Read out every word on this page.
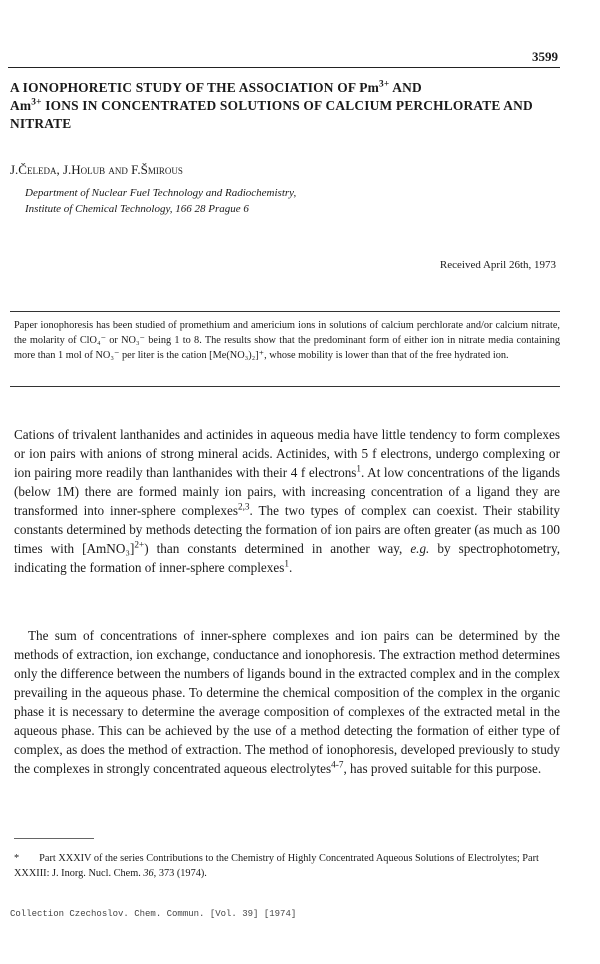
3599
A IONOPHORETIC STUDY OF THE ASSOCIATION OF $Pm^{3+}$ AND
$Am^{3+}$ IONS IN CONCENTRATED SOLUTIONS OF CALCIUM PERCHLORATE AND NITRATE

J.Čeleda, J.Holub and F.Šmirous

Department of Nuclear Fuel Technology and Radiochemistry,
Institute of Chemical Technology, 166 28 Prague 6

Received April 26th, 1973

Paper ionophoresis has been studied of promethium and americium ions in solutions of calcium perchlorate and/or calcium nitrate, the molarity of ClO₄⁻ or NO₃⁻ being 1 to 8. The results show that the predominant form of either ion in nitrate media containing more than 1 mol of NO₃⁻ per liter is the cation [Me(NO₃)₂]⁺, whose mobility is lower than that of the free hydrated ion.

Cations of trivalent lanthanides and actinides in aqueous media have little tendency to form complexes or ion pairs with anions of strong mineral acids. Actinides, with 5 f electrons, undergo complexing or ion pairing more readily than lanthanides with their 4 f electrons$^1$. At low concentrations of the ligands (below 1M) there are formed mainly ion pairs, with increasing concentration of a ligand they are transformed into inner-sphere complexes$^{2,3}$. The two types of complex can coexist. Their stability constants determined by methods detecting the formation of ion pairs are often greater (as much as 100 times with [AmNO₃]$^{2+}$) than constants determined in another way, e.g. by spectrophotometry, indicating the formation of inner-sphere complexes$^1$.

The sum of concentrations of inner-sphere complexes and ion pairs can be determined by the methods of extraction, ion exchange, conductance and ionophoresis. The extraction method determines only the difference between the numbers of ligands bound in the extracted complex and in the complex prevailing in the aqueous phase. To determine the chemical composition of the complex in the organic phase it is necessary to determine the average composition of complexes of the extracted metal in the aqueous phase. This can be achieved by the use of a method detecting the formation of either type of complex, as does the method of extraction. The method of ionophoresis, developed previously to study the complexes in strongly concentrated aqueous electrolytes$^{4-7}$, has proved suitable for this purpose.

* Part XXXIV of the series Contributions to the Chemistry of Highly Concentrated Aqueous Solutions of Electrolytes; Part XXXIII: J. Inorg. Nucl. Chem. 36, 373 (1974).

Collection Czechoslov. Chem. Commun. [Vol. 39] [1974]
